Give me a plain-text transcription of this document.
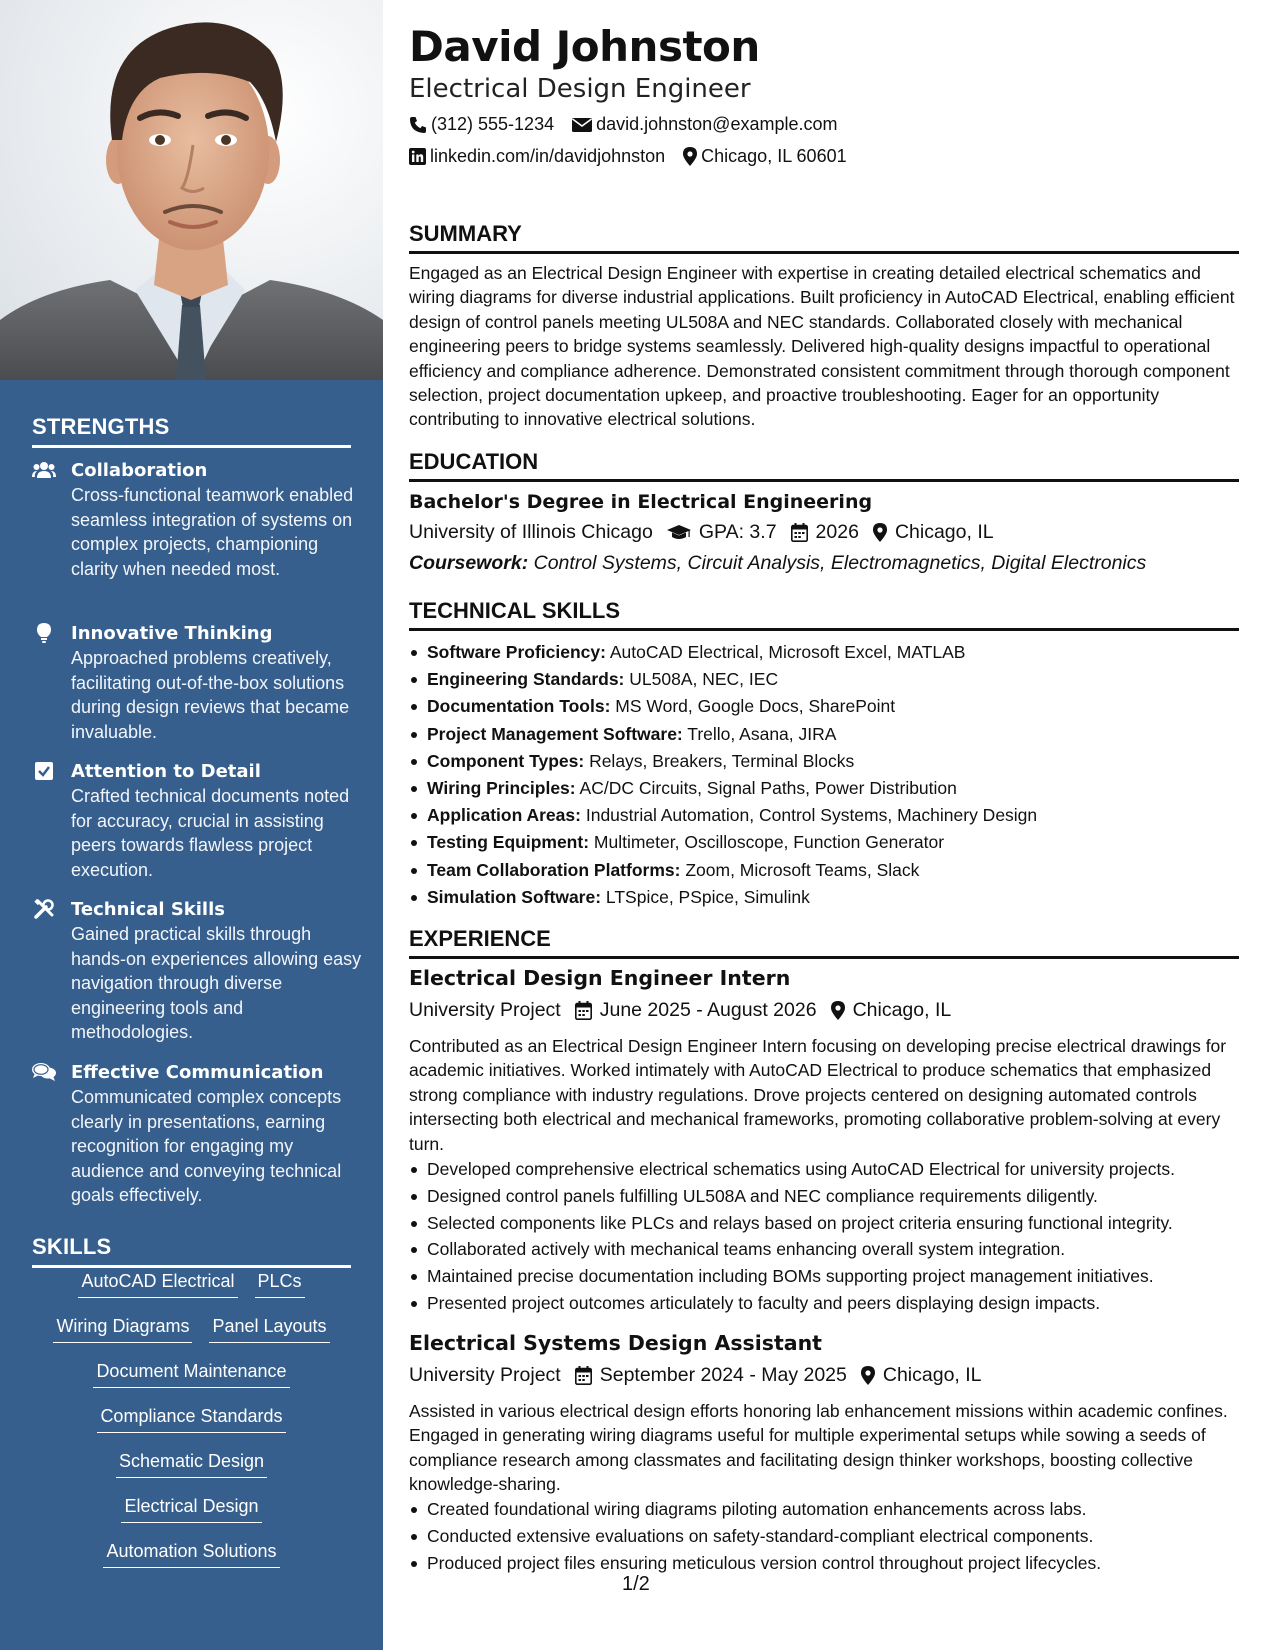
STRENGTHS
Collaboration
Cross-functional teamwork enabled seamless integration of systems on complex projects, championing clarity when needed most.
Innovative Thinking
Approached problems creatively, facilitating out-of-the-box solutions during design reviews that became invaluable.
Attention to Detail
Crafted technical documents noted for accuracy, crucial in assisting peers towards flawless project execution.
Technical Skills
Gained practical skills through hands-on experiences allowing easy navigation through diverse engineering tools and methodologies.
Effective Communication
Communicated complex concepts clearly in presentations, earning recognition for engaging my audience and conveying technical goals effectively.
SKILLS
AutoCAD Electrical PLCs
Wiring Diagrams Panel Layouts
Document Maintenance
Compliance Standards
Schematic Design
Electrical Design
Automation Solutions
David Johnston
Electrical Design Engineer
(312) 555-1234 david.johnston@example.com
linkedin.com/in/davidjohnston Chicago, IL 60601
SUMMARY
Engaged as an Electrical Design Engineer with expertise in creating detailed electrical schematics and wiring diagrams for diverse industrial applications. Built proficiency in AutoCAD Electrical, enabling efficient design of control panels meeting UL508A and NEC standards. Collaborated closely with mechanical engineering peers to bridge systems seamlessly. Delivered high-quality designs impactful to operational efficiency and compliance adherence. Demonstrated consistent commitment through thorough component selection, project documentation upkeep, and proactive troubleshooting. Eager for an opportunity contributing to innovative electrical solutions.
EDUCATION
Bachelor's Degree in Electrical Engineering
University of Illinois Chicago GPA: 3.7 2026 Chicago, IL
Coursework: Control Systems, Circuit Analysis, Electromagnetics, Digital Electronics
TECHNICAL SKILLS
Software Proficiency: AutoCAD Electrical, Microsoft Excel, MATLAB
Engineering Standards: UL508A, NEC, IEC
Documentation Tools: MS Word, Google Docs, SharePoint
Project Management Software: Trello, Asana, JIRA
Component Types: Relays, Breakers, Terminal Blocks
Wiring Principles: AC/DC Circuits, Signal Paths, Power Distribution
Application Areas: Industrial Automation, Control Systems, Machinery Design
Testing Equipment: Multimeter, Oscilloscope, Function Generator
Team Collaboration Platforms: Zoom, Microsoft Teams, Slack
Simulation Software: LTSpice, PSpice, Simulink
EXPERIENCE
Electrical Design Engineer Intern
University Project June 2025 - August 2026 Chicago, IL
Contributed as an Electrical Design Engineer Intern focusing on developing precise electrical drawings for academic initiatives. Worked intimately with AutoCAD Electrical to produce schematics that emphasized strong compliance with industry regulations. Drove projects centered on designing automated controls intersecting both electrical and mechanical frameworks, promoting collaborative problem-solving at every turn.
Developed comprehensive electrical schematics using AutoCAD Electrical for university projects.
Designed control panels fulfilling UL508A and NEC compliance requirements diligently.
Selected components like PLCs and relays based on project criteria ensuring functional integrity.
Collaborated actively with mechanical teams enhancing overall system integration.
Maintained precise documentation including BOMs supporting project management initiatives.
Presented project outcomes articulately to faculty and peers displaying design impacts.
Electrical Systems Design Assistant
University Project September 2024 - May 2025 Chicago, IL
Assisted in various electrical design efforts honoring lab enhancement missions within academic confines. Engaged in generating wiring diagrams useful for multiple experimental setups while sowing a seeds of compliance research among classmates and facilitating design thinker workshops, boosting collective knowledge-sharing.
Created foundational wiring diagrams piloting automation enhancements across labs.
Conducted extensive evaluations on safety-standard-compliant electrical components.
Produced project files ensuring meticulous version control throughout project lifecycles.
1/2
